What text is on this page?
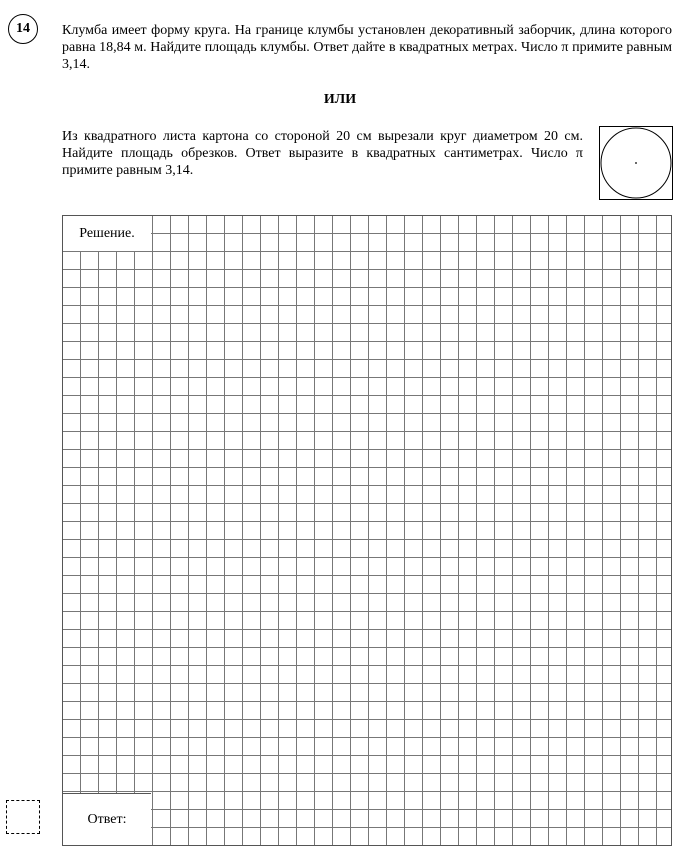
14	Клумба имеет форму круга. На границе клумбы установлен декоративный заборчик, длина которого равна 18,84 м. Найдите площадь клумбы. Ответ дайте в квадратных метрах. Число π примите равным 3,14.
ИЛИ
Из квадратного листа картона со стороной 20 см вырезали круг диаметром 20 см. Найдите площадь обрезков. Ответ выразите в квадратных сантиметрах. Число π примите равным 3,14.
Решение.
Ответ:
